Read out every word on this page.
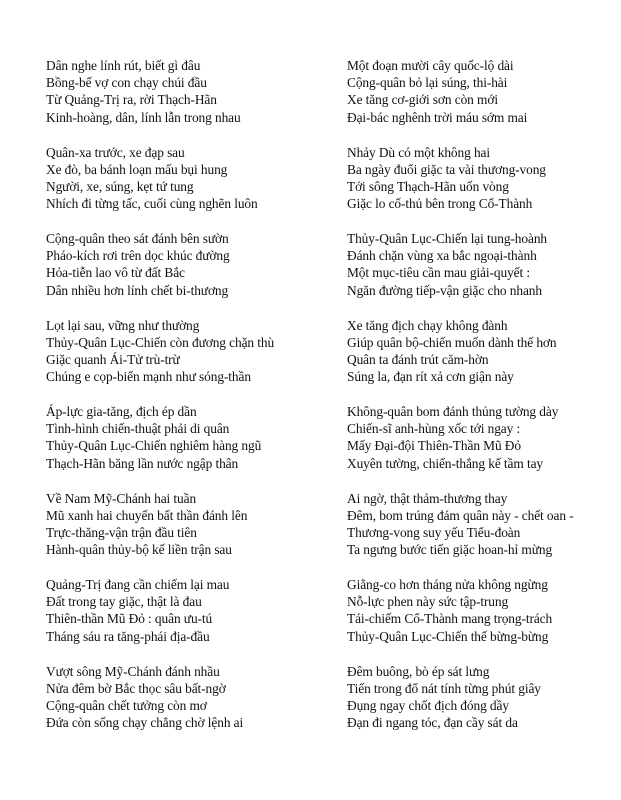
Dân nghe lính rút, biết gì đâu
Bồng-bế vợ con chạy chúi đầu
Từ Quảng-Trị ra, rời Thạch-Hãn
Kinh-hoàng, dân, lính lẫn trong nhau
Quân-xa trước, xe đạp sau
Xe đò, ba bánh loạn mấu bụi hung
Người, xe, súng, kẹt tứ tung
Nhích đi từng tấc, cuối cùng nghẽn luôn
Cộng-quân theo sát đánh bên sườn
Pháo-kích rơi trên dọc khúc đường
Hỏa-tiễn lao vô từ đất Bắc
Dân nhiều hơn lính chết bi-thương
Lọt lại sau, vững như thường
Thủy-Quân Lục-Chiến còn đương chặn thù
Giặc quanh Ái-Tử trù-trừ
Chúng e cọp-biển mạnh như sóng-thần
Áp-lực gia-tăng, địch ép dần
Tình-hình chiến-thuật phải di quân
Thủy-Quân Lục-Chiến nghiêm hàng ngũ
Thạch-Hãn băng lần nước ngập thân
Về Nam Mỹ-Chánh hai tuần
Mũ xanh hai chuyến bất thần đánh lên
Trực-thăng-vận trận đầu tiên
Hành-quân thủy-bộ kế liền trận sau
Quảng-Trị đang cần chiếm lại mau
Đất trong tay giặc, thật là đau
Thiên-thần Mũ Đỏ : quân ưu-tú
Tháng sáu ra tăng-phái địa-đầu
Vượt sông Mỹ-Chánh đánh nhầu
Nửa đêm bờ Bắc thọc sâu bất-ngờ
Cộng-quân chết tưởng còn mơ
Đứa còn sống chạy chẳng chờ lệnh ai
Một đoạn mười cây quốc-lộ dài
Cộng-quân bỏ lại súng, thi-hài
Xe tăng cơ-giới sơn còn mới
Đại-bác nghênh trời máu sớm mai
Nhảy Dù có một không hai
Ba ngày đuổi giặc ta vài thương-vong
Tới sông Thạch-Hãn uốn vòng
Giặc lo cố-thủ bên trong Cổ-Thành
Thủy-Quân Lục-Chiến lại tung-hoành
Đánh chặn vùng xa bắc ngoại-thành
Một mục-tiêu cần mau giải-quyết :
Ngăn đường tiếp-vận giặc cho nhanh
Xe tăng địch chạy không đành
Giúp quân bộ-chiến muốn dành thế hơn
Quân ta đánh trút căm-hờn
Súng la, đạn rít xả cơn giận này
Không-quân bom đánh thủng tường dày
Chiến-sĩ anh-hùng xốc tới ngay :
Mấy Đại-đội Thiên-Thần Mũ Đỏ
Xuyên tường, chiến-thắng kế tầm tay
Ai ngờ, thật thảm-thương thay
Đêm, bom trúng đám quân này - chết oan -
Thương-vong suy yếu Tiểu-đoàn
Ta ngưng bước tiến giặc hoan-hỉ mừng
Giằng-co hơn tháng nửa không ngừng
Nỗ-lực phen này sức tập-trung
Tái-chiếm Cổ-Thành mang trọng-trách
Thủy-Quân Lục-Chiến thế bừng-bừng
Đêm buông, bò ép sát lưng
Tiến trong đổ nát tính từng phút giây
Đụng ngay chốt địch đóng dầy
Đạn đi ngang tóc, đạn cầy sát da
